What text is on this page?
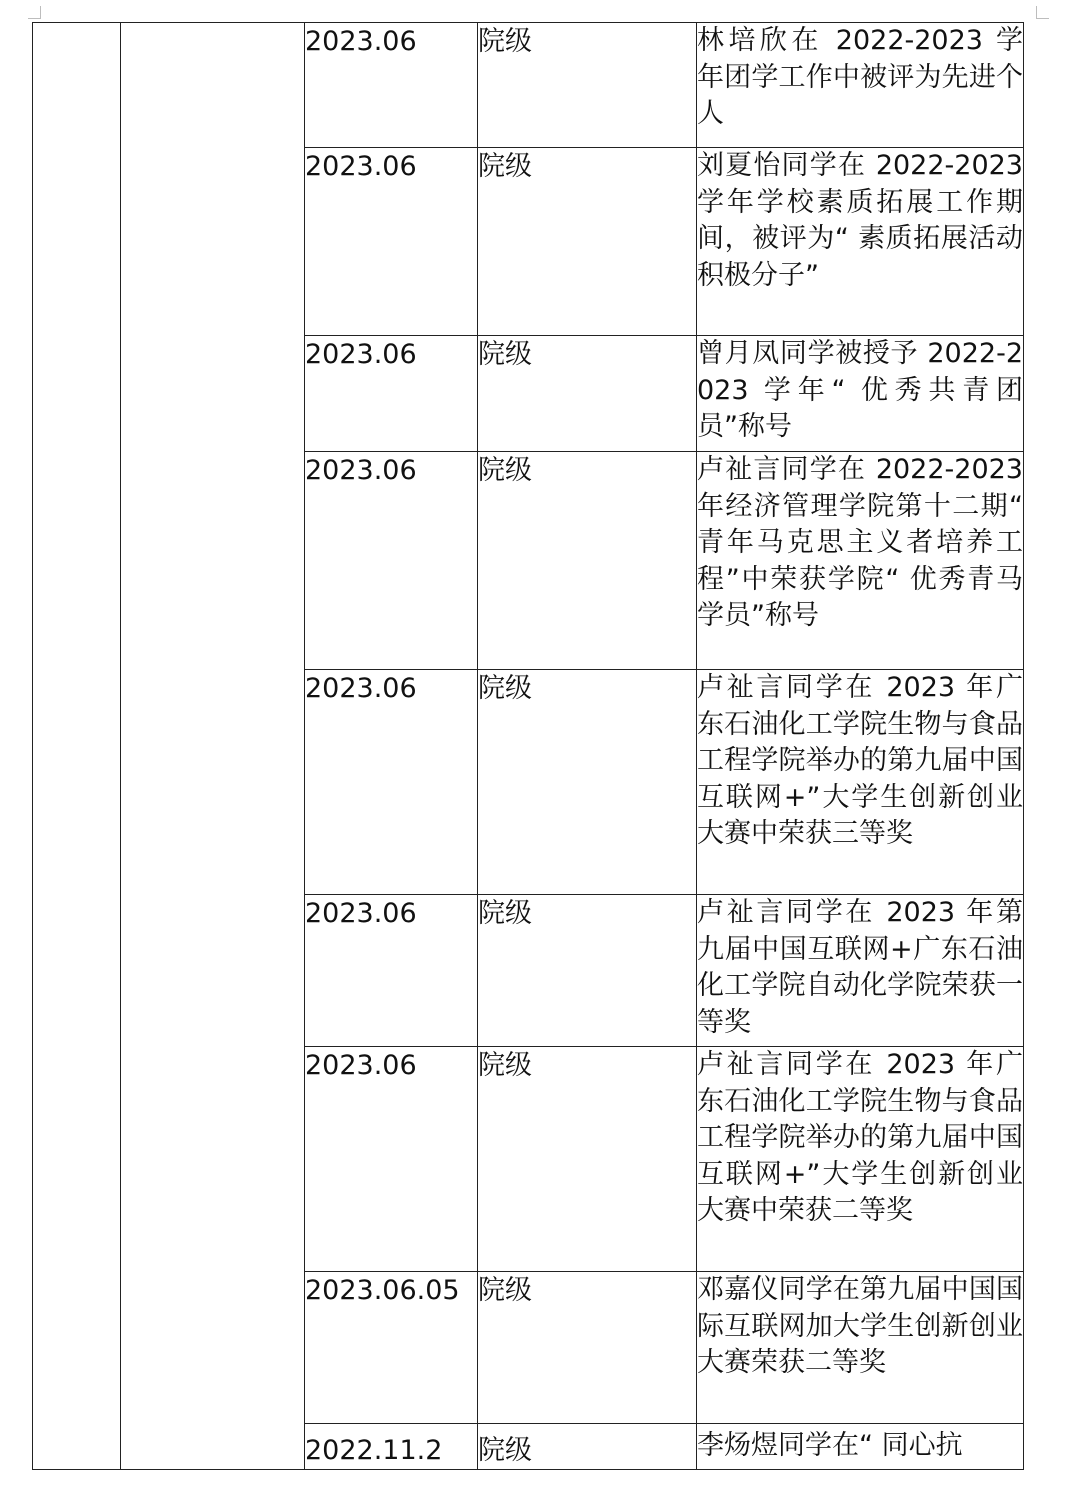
		2023.06	院级	林培欣在 2022-2023 学年团学工作中被评为先进个人
		2023.06	院级	刘夏怡同学在 2022-2023 学年学校素质拓展工作期间，被评为“ 素质拓展活动积极分子”
		2023.06	院级	曾月凤同学被授予 2022-2023 学年“ 优秀共青团员”称号
		2023.06	院级	卢祉言同学在 2022-2023 年经济管理学院第十二期“ 青年马克思主义者培养工程”中荣获学院“ 优秀青马学员”称号
		2023.06	院级	卢祉言同学在 2023 年广东石油化工学院生物与食品工程学院举办的第九届中国 互联网+”大学生创新创业大赛中荣获三等奖
		2023.06	院级	卢祉言同学在 2023 年第九届中国互联网+广东石油化工学院自动化学院荣获一等奖
		2023.06	院级	卢祉言同学在 2023 年广东石油化工学院生物与食品工程学院举办的第九届中国 互联网+”大学生创新创业大赛中荣获二等奖
		2023.06.05	院级	邓嘉仪同学在第九届中国国际互联网加大学生创新创业大赛荣获二等奖
		2022.11.2	院级	李炀煜同学在“ 同心抗
